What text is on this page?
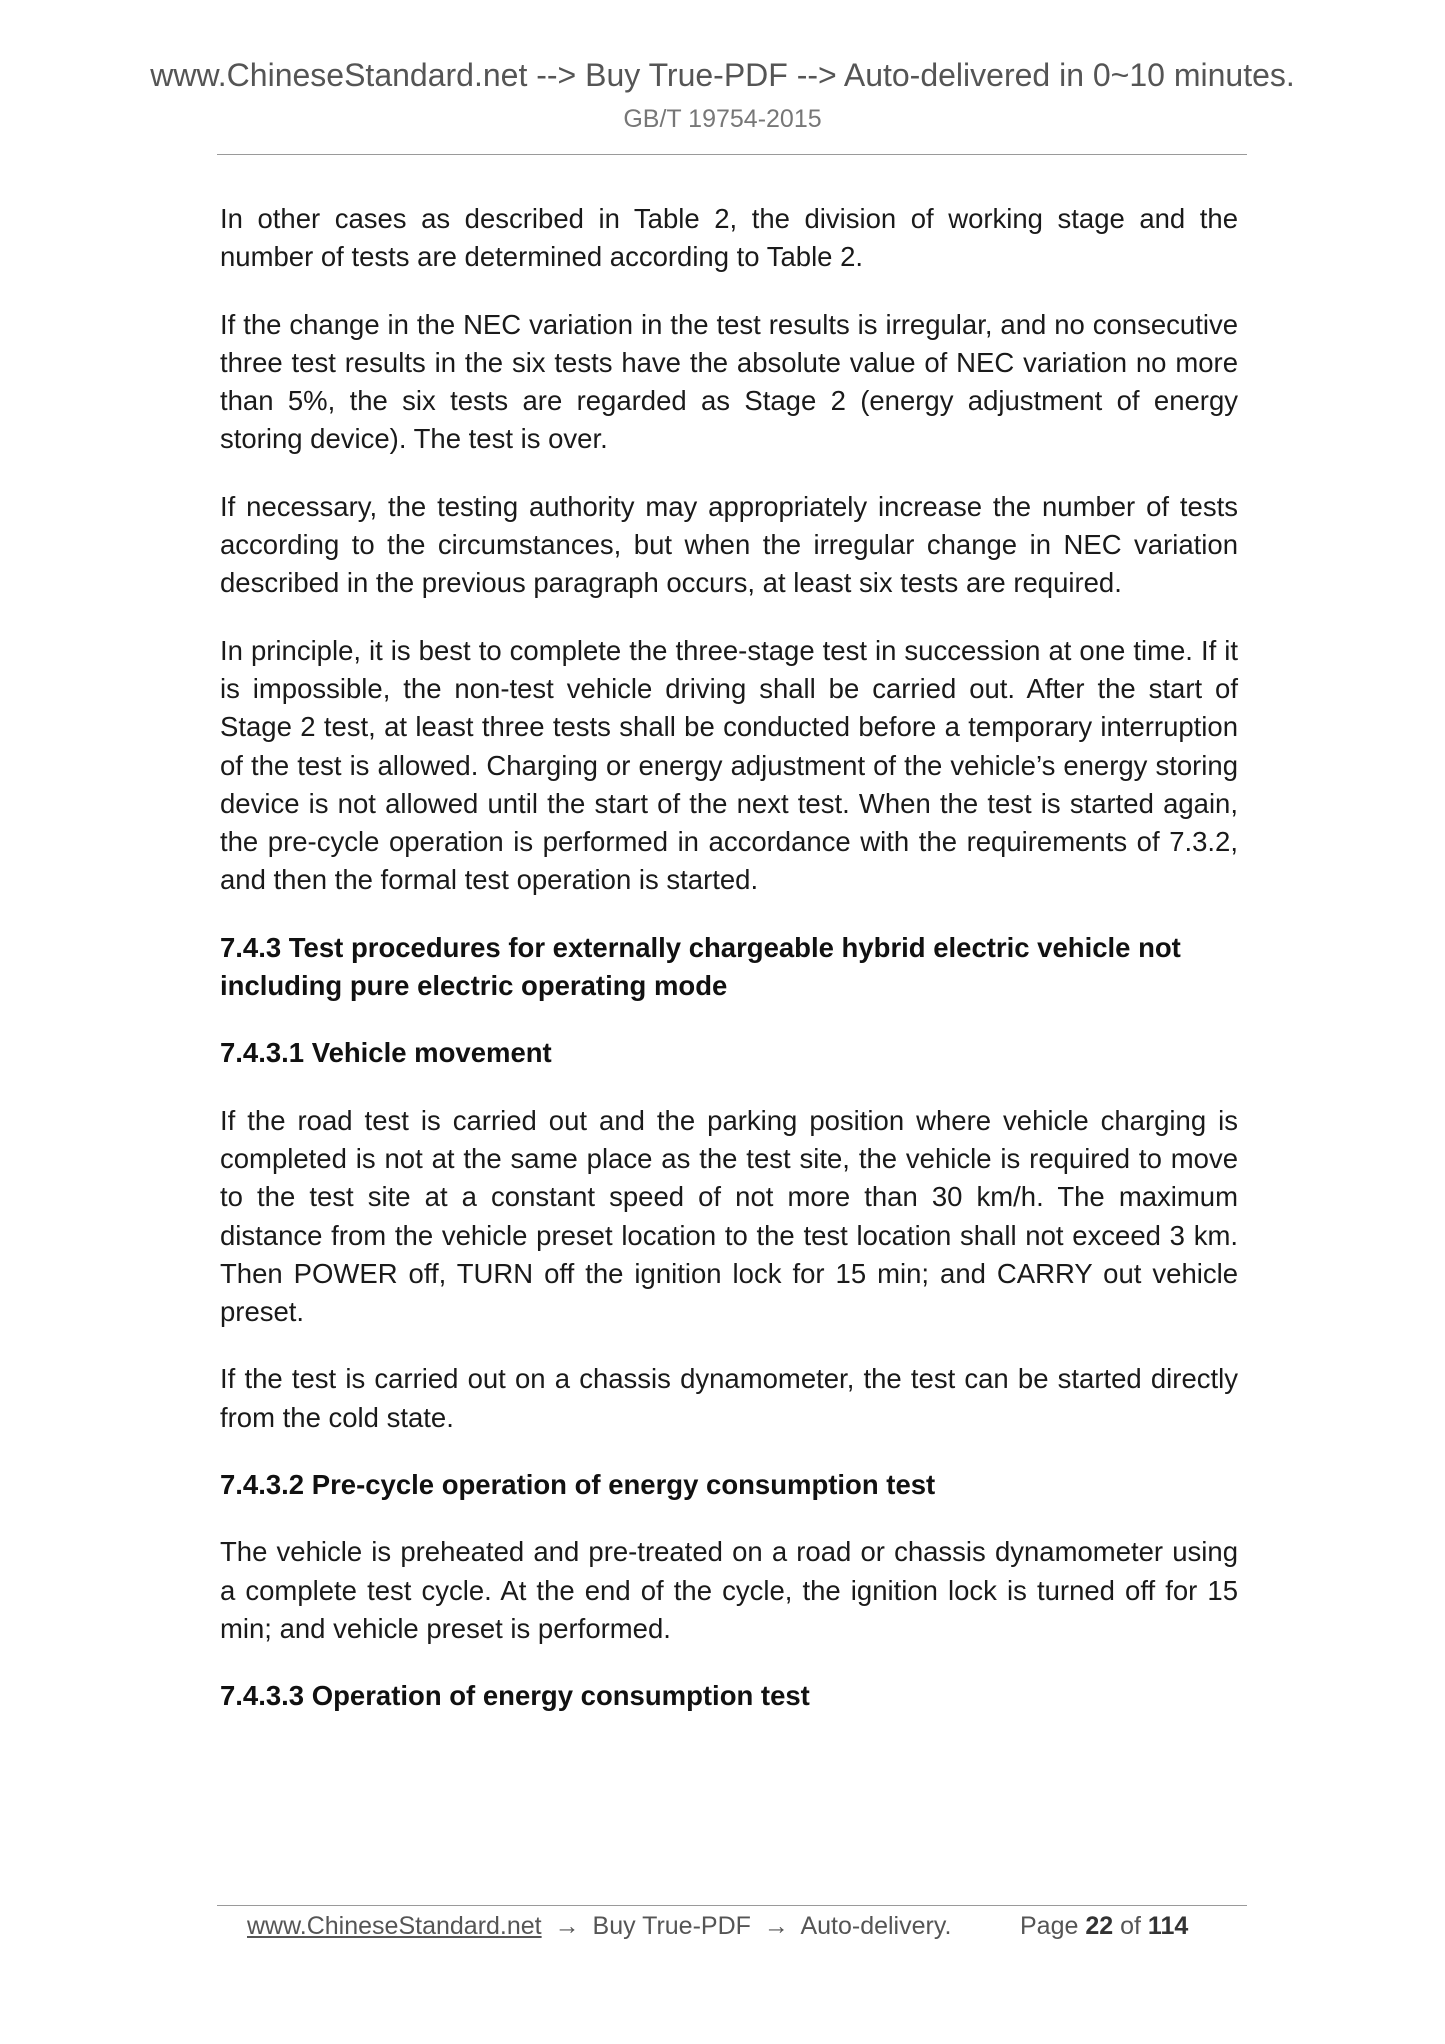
www.ChineseStandard.net --> Buy True-PDF --> Auto-delivered in 0~10 minutes.
GB/T 19754-2015

In other cases as described in Table 2, the division of working stage and the number of tests are determined according to Table 2.

If the change in the NEC variation in the test results is irregular, and no consecutive three test results in the six tests have the absolute value of NEC variation no more than 5%, the six tests are regarded as Stage 2 (energy adjustment of energy storing device). The test is over.

If necessary, the testing authority may appropriately increase the number of tests according to the circumstances, but when the irregular change in NEC variation described in the previous paragraph occurs, at least six tests are required.

In principle, it is best to complete the three-stage test in succession at one time. If it is impossible, the non-test vehicle driving shall be carried out. After the start of Stage 2 test, at least three tests shall be conducted before a temporary interruption of the test is allowed. Charging or energy adjustment of the vehicle’s energy storing device is not allowed until the start of the next test. When the test is started again, the pre-cycle operation is performed in accordance with the requirements of 7.3.2, and then the formal test operation is started.

7.4.3 Test procedures for externally chargeable hybrid electric vehicle not including pure electric operating mode
7.4.3.1 Vehicle movement

If the road test is carried out and the parking position where vehicle charging is completed is not at the same place as the test site, the vehicle is required to move to the test site at a constant speed of not more than 30 km/h. The maximum distance from the vehicle preset location to the test location shall not exceed 3 km. Then POWER off, TURN off the ignition lock for 15 min; and CARRY out vehicle preset.

If the test is carried out on a chassis dynamometer, the test can be started directly from the cold state.

7.4.3.2 Pre-cycle operation of energy consumption test

The vehicle is preheated and pre-treated on a road or chassis dynamometer using a complete test cycle. At the end of the cycle, the ignition lock is turned off for 15 min; and vehicle preset is performed.

7.4.3.3 Operation of energy consumption test
www.ChineseStandard.net → Buy True-PDF → Auto-delivery.	Page 22 of 114
